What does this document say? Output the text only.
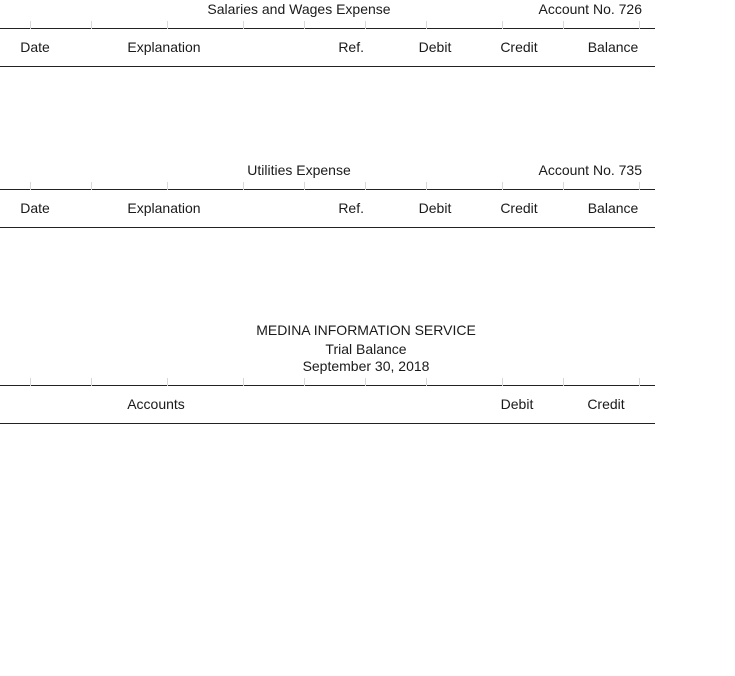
Salaries and Wages Expense	Account No. 726
Date	Explanation	Ref.	Debit	Credit	Balance
Utilities Expense	Account No. 735
Date	Explanation	Ref.	Debit	Credit	Balance
MEDINA INFORMATION SERVICE
Trial Balance
September 30, 2018
Accounts	Debit	Credit
